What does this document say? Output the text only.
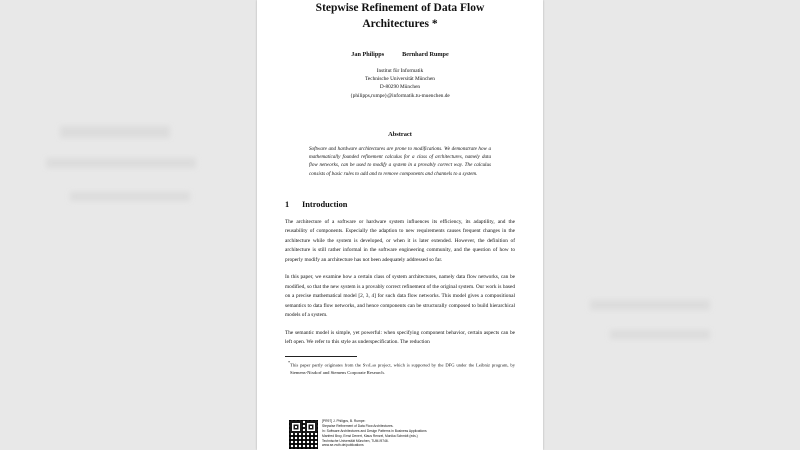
Stepwise Refinement of Data Flow Architectures *
Jan Philipps	Bernhard Rumpe
Institut für Informatik
Technische Universität München
D-80290 München
{philipps,rumpe}@informatik.tu-muenchen.de
Abstract
Software and hardware architectures are prone to modifications. We demonstrate how a mathematically founded refinement calculus for a class of architectures, namely data flow networks, can be used to modify a system in a provably correct way. The calculus consists of basic rules to add and to remove components and channels to a system.
1 Introduction
The architecture of a software or hardware system influences its efficiency, its adaptility, and the reusability of components. Especially the adaption to new requirements causes frequent changes in the architecture while the system is developed, or when it is later extended. However, the definition of architecture is still rather informal in the software engineering community, and the question of how to properly modify an architecture has not been adequately addressed so far.
In this paper, we examine how a certain class of system architectures, namely data flow networks, can be modified, so that the new system is a provably correct refinement of the original system. Our work is based on a precise mathematical model [2, 3, 4] for such data flow networks. This model gives a compositional semantics to data flow networks, and hence components can be structurally composed to build hierarchical models of a system.
The semantic model is simple, yet powerful: when specifying component behavior, certain aspects can be left open. We refer to this style as underspecification. The reduction
*This paper partly originates from the SysLab project, which is supported by the DFG under the Leibniz program, by Siemens-Nixdorf and Siemens Corporate Research.
[PR97] J. Philipps, B. Rumpe:
Stepwise Refinement of Data Flow Architectures.
In: Software Architectures and Design Patterns in Business Applications
Manfred Broy, Ernst Denert, Klaus Renzel, Monika Schmidt (eds.)
Technische Universität München, TUM-I9746.
www.se-rwth.de/publications
